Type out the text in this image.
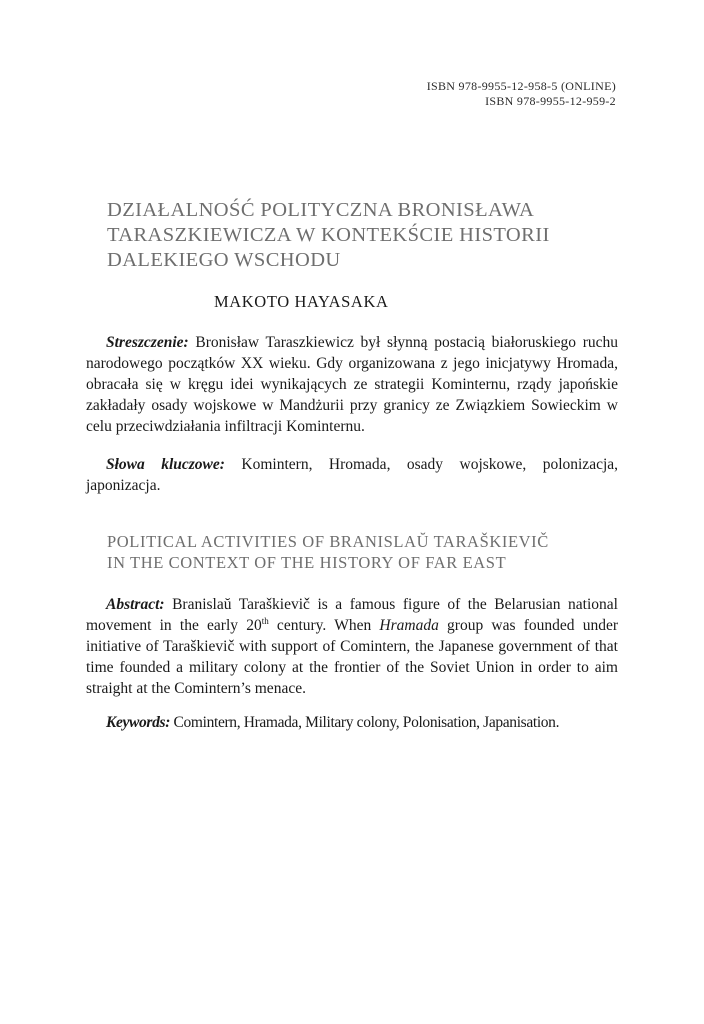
ISBN 978-9955-12-958-5 (ONLINE)
ISBN 978-9955-12-959-2
DZIAŁALNOŚĆ POLITYCZNA BRONISŁAWA
TARASZKIEWICZA W KONTEKŚCIE HISTORII
DALEKIEGO WSCHODU
MAKOTO HAYASAKA

Streszczenie: Bronisław Taraszkiewicz był słynną postacią białoruskiego ruchu narodowego początków XX wieku. Gdy organizowana z jego inicjatywy Hromada, obracała się w kręgu idei wynikających ze strategii Kominternu, rządy japońskie zakładały osady wojskowe w Mandżurii przy granicy ze Związkiem Sowieckim w celu przeciwdziałania infiltracji Kominternu.

Słowa kluczowe: Komintern, Hromada, osady wojskowe, polonizacja, japonizacja.

POLITICAL ACTIVITIES OF BRANISLAŬ TARAŠKIEVIČ
IN THE CONTEXT OF THE HISTORY OF FAR EAST

Abstract: Branislaŭ Taraškievič is a famous figure of the Belarusian national movement in the early 20th century. When Hramada group was founded under initiative of Taraškievič with support of Comintern, the Japanese government of that time founded a military colony at the frontier of the Soviet Union in order to aim straight at the Comintern’s menace.

Keywords: Comintern, Hramada, Military colony, Polonisation, Japanisation.
